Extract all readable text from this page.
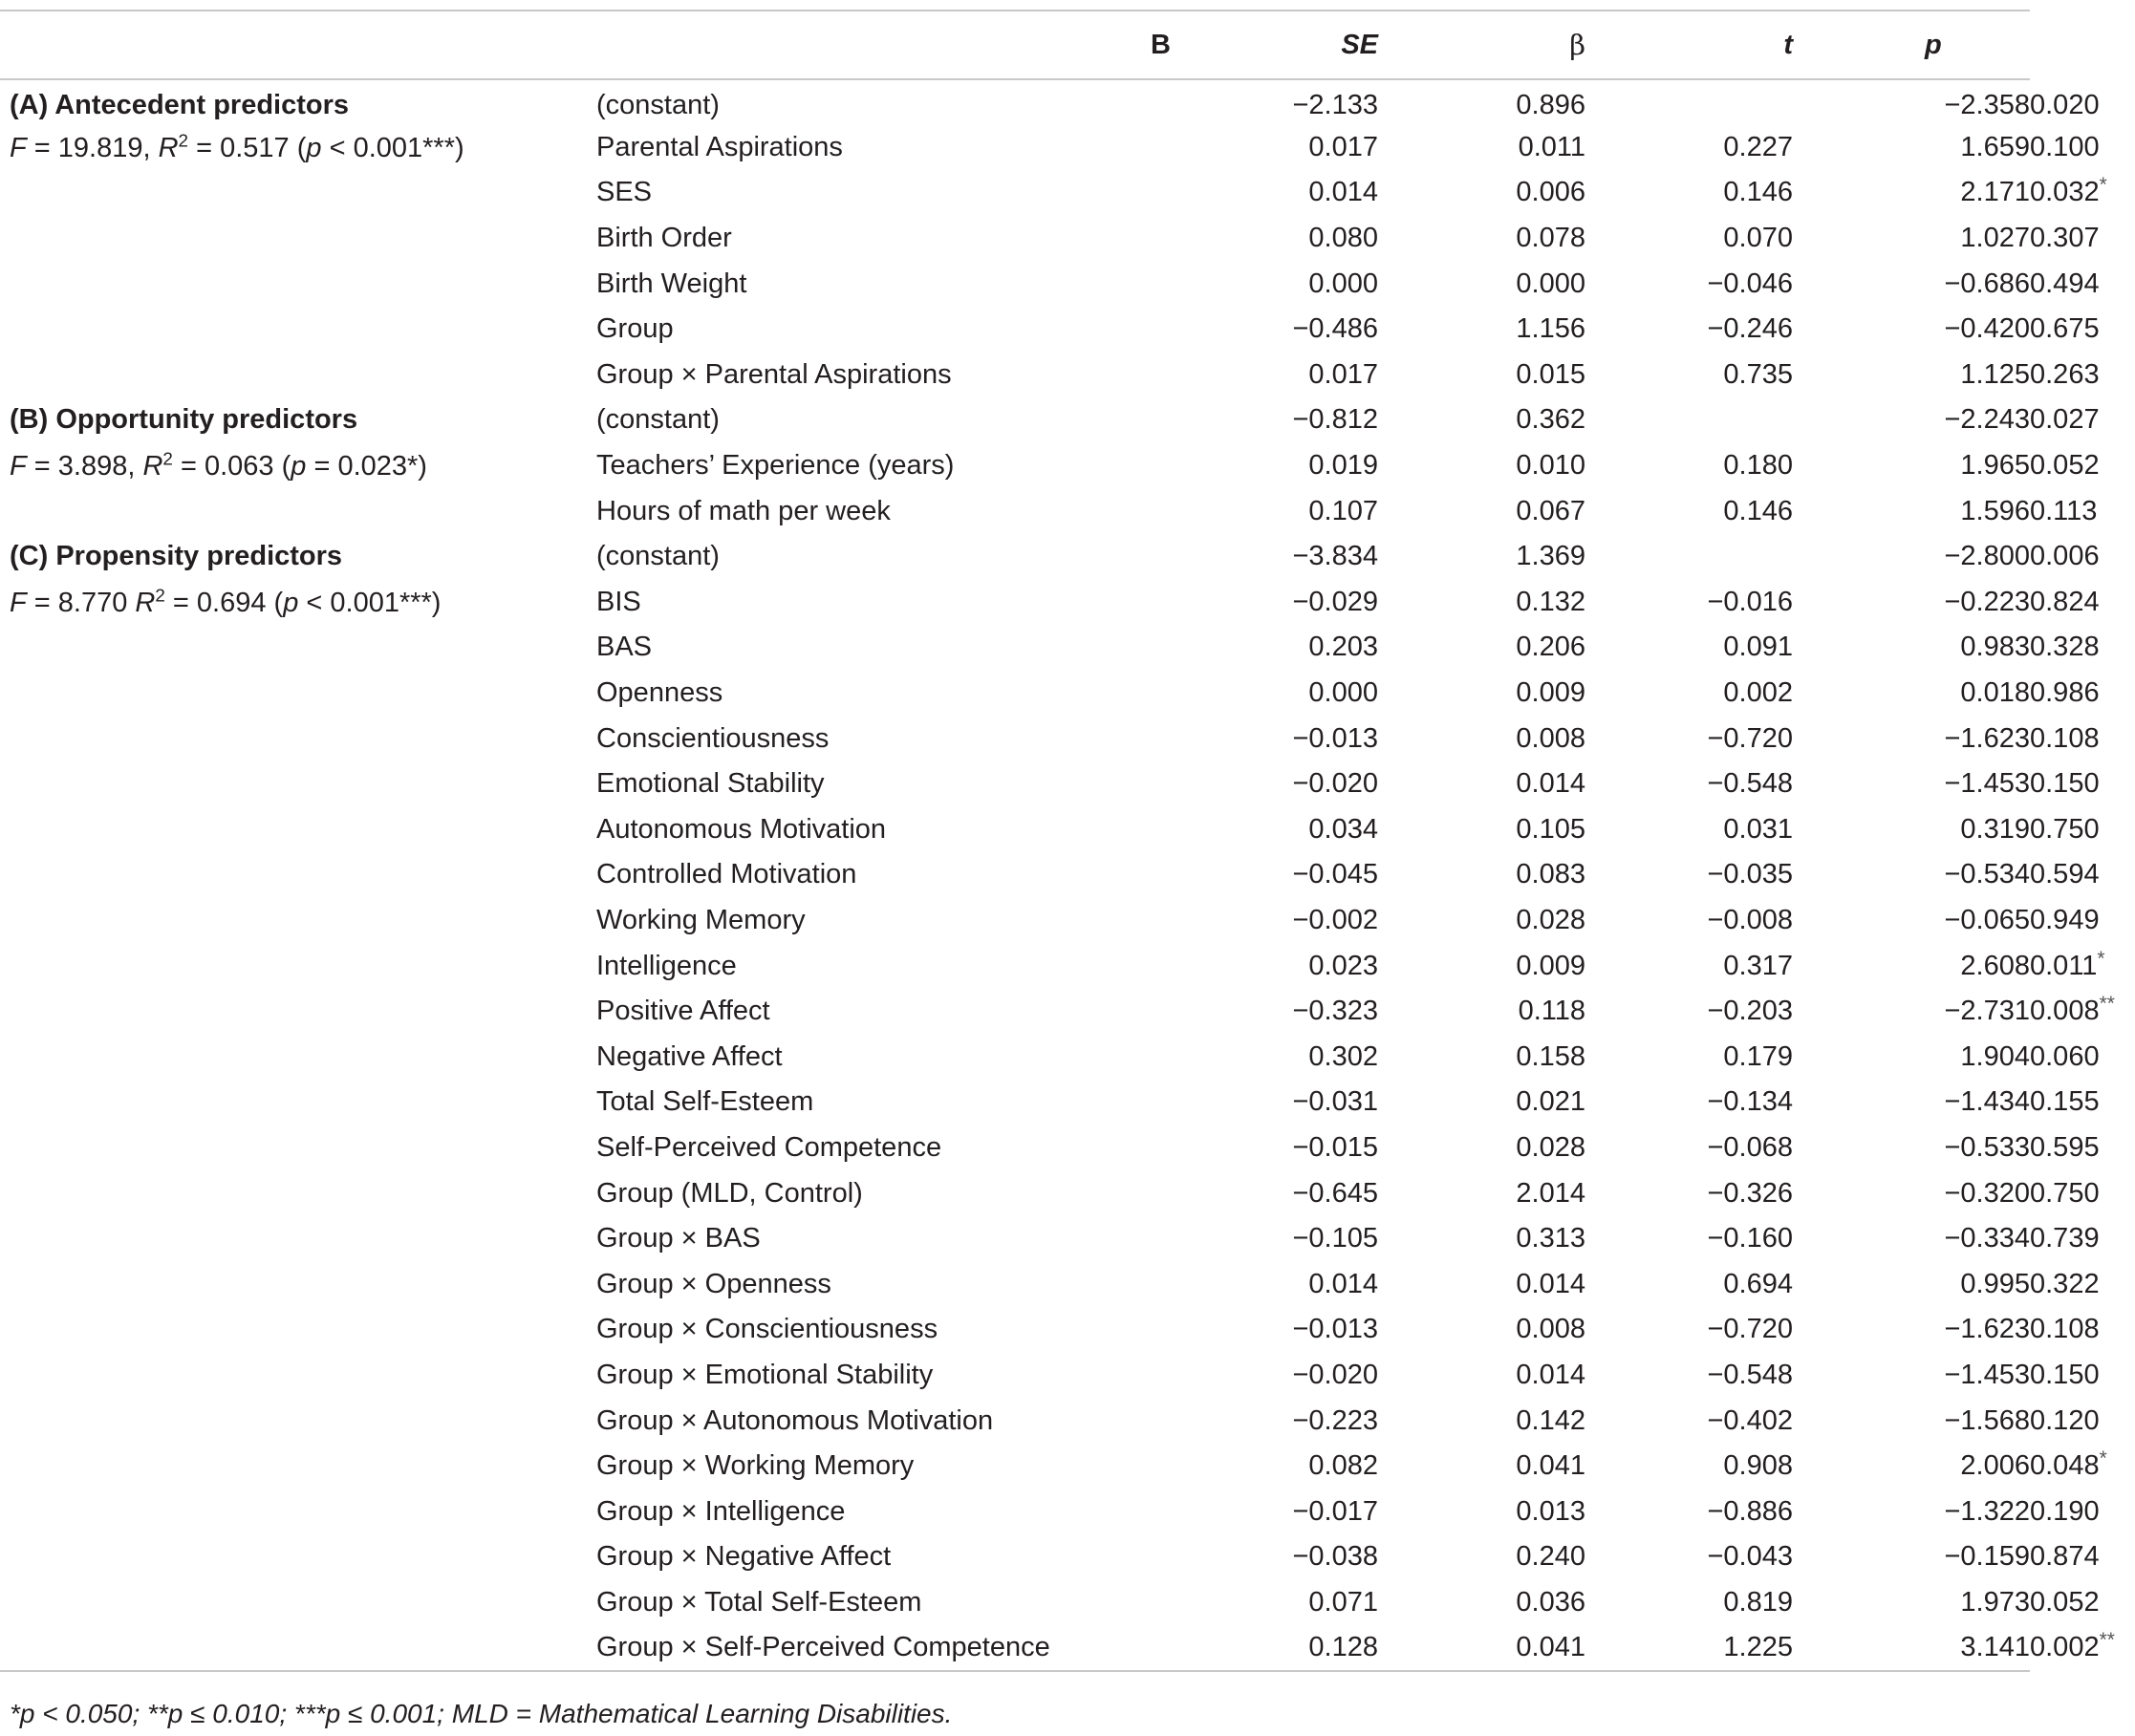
		B	SE	β	t	p	
(A) Antecedent predictors	(constant)		−2.133	0.896		−2.358	0.020
F = 19.819, $R^2 = 0.517$ (p < 0.001***)	Parental Aspirations		0.017	0.011	0.227	1.659	0.100
	SES		0.014	0.006	0.146	2.171	0.032*
	Birth Order		0.080	0.078	0.070	1.027	0.307
	Birth Weight		0.000	0.000	−0.046	−0.686	0.494
	Group		−0.486	1.156	−0.246	−0.420	0.675
	Group × Parental Aspirations		0.017	0.015	0.735	1.125	0.263
(B) Opportunity predictors	(constant)		−0.812	0.362		−2.243	0.027
F = 3.898, $R^2 = 0.063$ (p = 0.023*)	Teachers’ Experience (years)		0.019	0.010	0.180	1.965	0.052
	Hours of math per week		0.107	0.067	0.146	1.596	0.113
(C) Propensity predictors	(constant)		−3.834	1.369		−2.800	0.006
F = 8.770 $R^2 = 0.694$ (p < 0.001***)	BIS		−0.029	0.132	−0.016	−0.223	0.824
	BAS		0.203	0.206	0.091	0.983	0.328
	Openness		0.000	0.009	0.002	0.018	0.986
	Conscientiousness		−0.013	0.008	−0.720	−1.623	0.108
	Emotional Stability		−0.020	0.014	−0.548	−1.453	0.150
	Autonomous Motivation		0.034	0.105	0.031	0.319	0.750
	Controlled Motivation		−0.045	0.083	−0.035	−0.534	0.594
	Working Memory		−0.002	0.028	−0.008	−0.065	0.949
	Intelligence		0.023	0.009	0.317	2.608	0.011*
	Positive Affect		−0.323	0.118	−0.203	−2.731	0.008**
	Negative Affect		0.302	0.158	0.179	1.904	0.060
	Total Self-Esteem		−0.031	0.021	−0.134	−1.434	0.155
	Self-Perceived Competence		−0.015	0.028	−0.068	−0.533	0.595
	Group (MLD, Control)		−0.645	2.014	−0.326	−0.320	0.750
	Group × BAS		−0.105	0.313	−0.160	−0.334	0.739
	Group × Openness		0.014	0.014	0.694	0.995	0.322
	Group × Conscientiousness		−0.013	0.008	−0.720	−1.623	0.108
	Group × Emotional Stability		−0.020	0.014	−0.548	−1.453	0.150
	Group × Autonomous Motivation		−0.223	0.142	−0.402	−1.568	0.120
	Group × Working Memory		0.082	0.041	0.908	2.006	0.048*
	Group × Intelligence		−0.017	0.013	−0.886	−1.322	0.190
	Group × Negative Affect		−0.038	0.240	−0.043	−0.159	0.874
	Group × Total Self-Esteem		0.071	0.036	0.819	1.973	0.052
	Group × Self-Perceived Competence		0.128	0.041	1.225	3.141	0.002**
*p < 0.050; **p ≤ 0.010; ***p ≤ 0.001; MLD = Mathematical Learning Disabilities.
